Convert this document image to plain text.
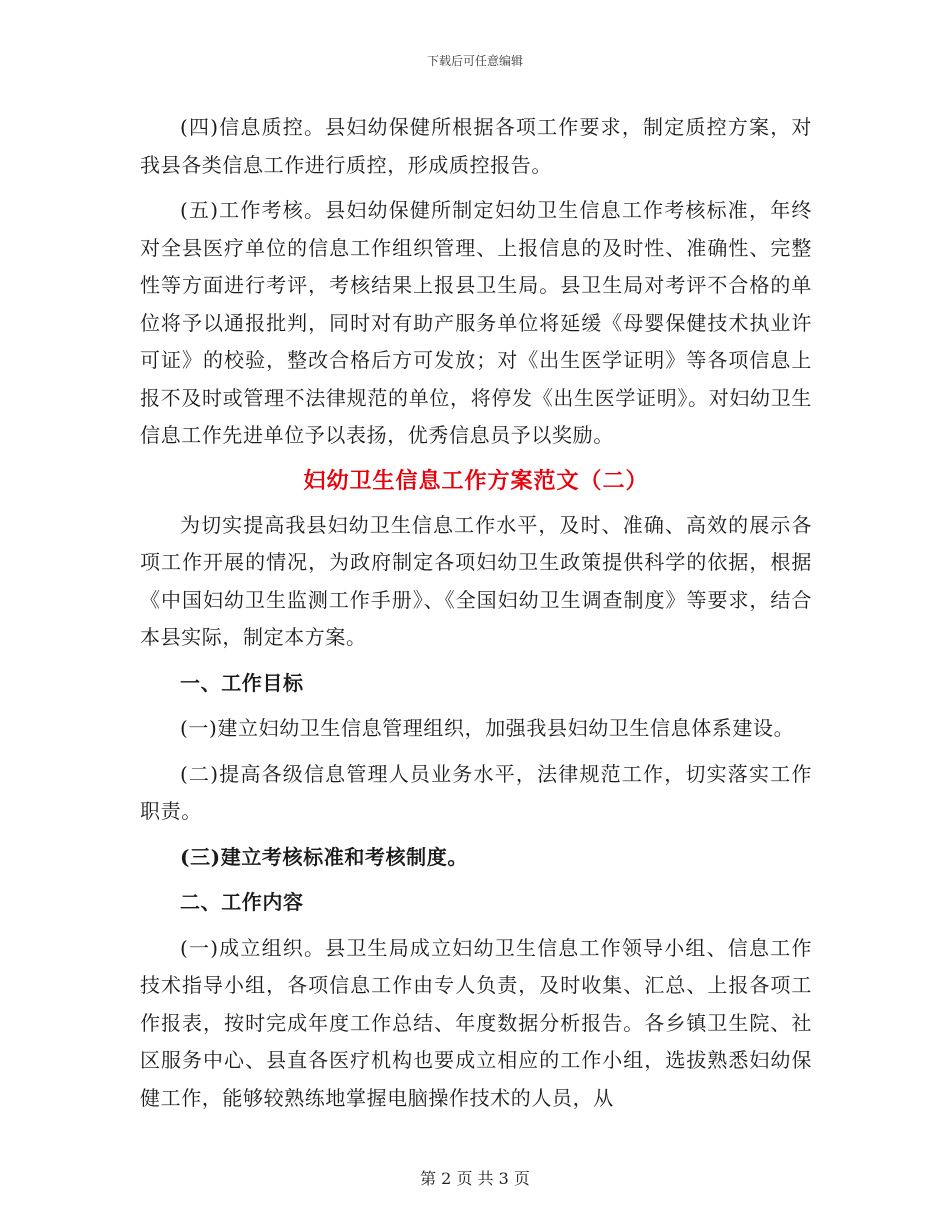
下载后可任意编辑

(四)信息质控。县妇幼保健所根据各项工作要求，制定质控方案，对我县各类信息工作进行质控，形成质控报告。

(五)工作考核。县妇幼保健所制定妇幼卫生信息工作考核标准，年终对全县医疗单位的信息工作组织管理、上报信息的及时性、准确性、完整性等方面进行考评，考核结果上报县卫生局。县卫生局对考评不合格的单位将予以通报批判，同时对有助产服务单位将延缓《母婴保健技术执业许可证》的校验，整改合格后方可发放；对《出生医学证明》等各项信息上报不及时或管理不法律规范的单位，将停发《出生医学证明》。对妇幼卫生信息工作先进单位予以表扬，优秀信息员予以奖励。

妇幼卫生信息工作方案范文（二）

为切实提高我县妇幼卫生信息工作水平，及时、准确、高效的展示各项工作开展的情况，为政府制定各项妇幼卫生政策提供科学的依据，根据《中国妇幼卫生监测工作手册》、《全国妇幼卫生调查制度》等要求，结合本县实际，制定本方案。

一、工作目标

(一)建立妇幼卫生信息管理组织，加强我县妇幼卫生信息体系建设。

(二)提高各级信息管理人员业务水平，法律规范工作，切实落实工作职责。

(三)建立考核标准和考核制度。

二、工作内容

(一)成立组织。县卫生局成立妇幼卫生信息工作领导小组、信息工作技术指导小组，各项信息工作由专人负责，及时收集、汇总、上报各项工作报表，按时完成年度工作总结、年度数据分析报告。各乡镇卫生院、社区服务中心、县直各医疗机构也要成立相应的工作小组，选拔熟悉妇幼保健工作，能够较熟练地掌握电脑操作技术的人员，从

第 2 页 共 3 页
